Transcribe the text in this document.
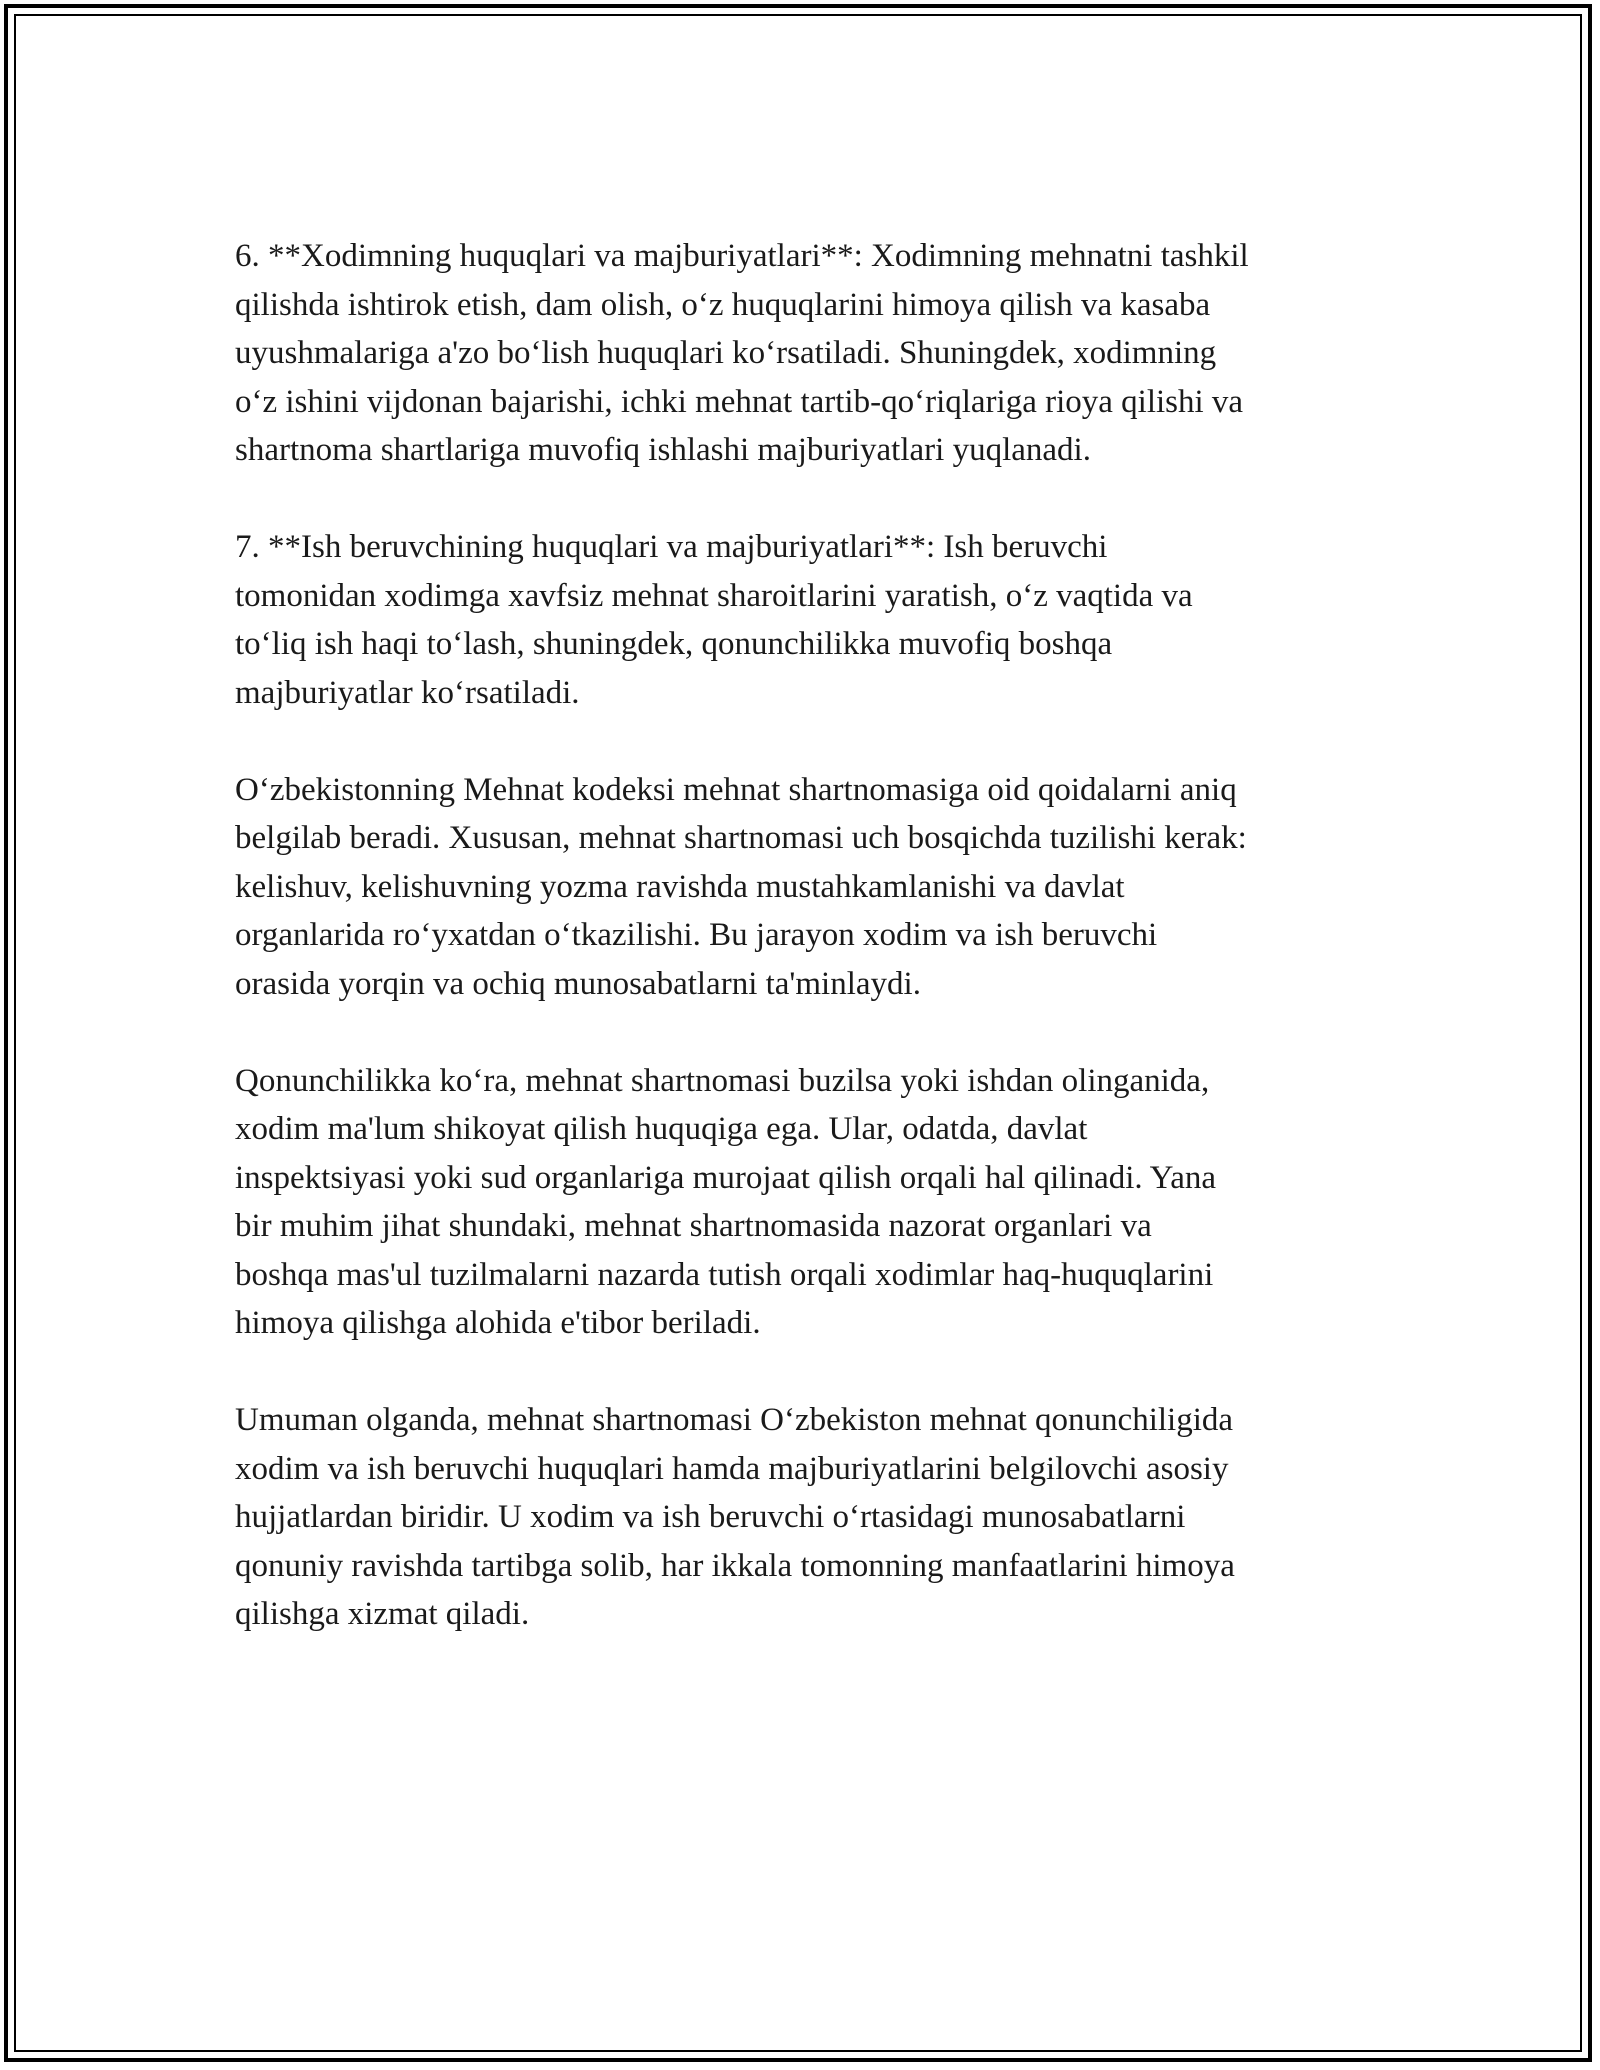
6. **Xodimning huquqlari va majburiyatlari**: Xodimning mehnatni tashkil
qilishda ishtirok etish, dam olish, o‘z huquqlarini himoya qilish va kasaba
uyushmalariga a'zo bo‘lish huquqlari ko‘rsatiladi. Shuningdek, xodimning
o‘z ishini vijdonan bajarishi, ichki mehnat tartib-qo‘riqlariga rioya qilishi va
shartnoma shartlariga muvofiq ishlashi majburiyatlari yuqlanadi.

7. **Ish beruvchining huquqlari va majburiyatlari**: Ish beruvchi
tomonidan xodimga xavfsiz mehnat sharoitlarini yaratish, o‘z vaqtida va
to‘liq ish haqi to‘lash, shuningdek, qonunchilikka muvofiq boshqa
majburiyatlar ko‘rsatiladi.

O‘zbekistonning Mehnat kodeksi mehnat shartnomasiga oid qoidalarni aniq
belgilab beradi. Xususan, mehnat shartnomasi uch bosqichda tuzilishi kerak:
kelishuv, kelishuvning yozma ravishda mustahkamlanishi va davlat
organlarida ro‘yxatdan o‘tkazilishi. Bu jarayon xodim va ish beruvchi
orasida yorqin va ochiq munosabatlarni ta'minlaydi.

Qonunchilikka ko‘ra, mehnat shartnomasi buzilsa yoki ishdan olinganida,
xodim ma'lum shikoyat qilish huquqiga ega. Ular, odatda, davlat
inspektsiyasi yoki sud organlariga murojaat qilish orqali hal qilinadi. Yana
bir muhim jihat shundaki, mehnat shartnomasida nazorat organlari va
boshqa mas'ul tuzilmalarni nazarda tutish orqali xodimlar haq-huquqlarini
himoya qilishga alohida e'tibor beriladi.

Umuman olganda, mehnat shartnomasi O‘zbekiston mehnat qonunchiligida
xodim va ish beruvchi huquqlari hamda majburiyatlarini belgilovchi asosiy
hujjatlardan biridir. U xodim va ish beruvchi o‘rtasidagi munosabatlarni
qonuniy ravishda tartibga solib, har ikkala tomonning manfaatlarini himoya
qilishga xizmat qiladi.
